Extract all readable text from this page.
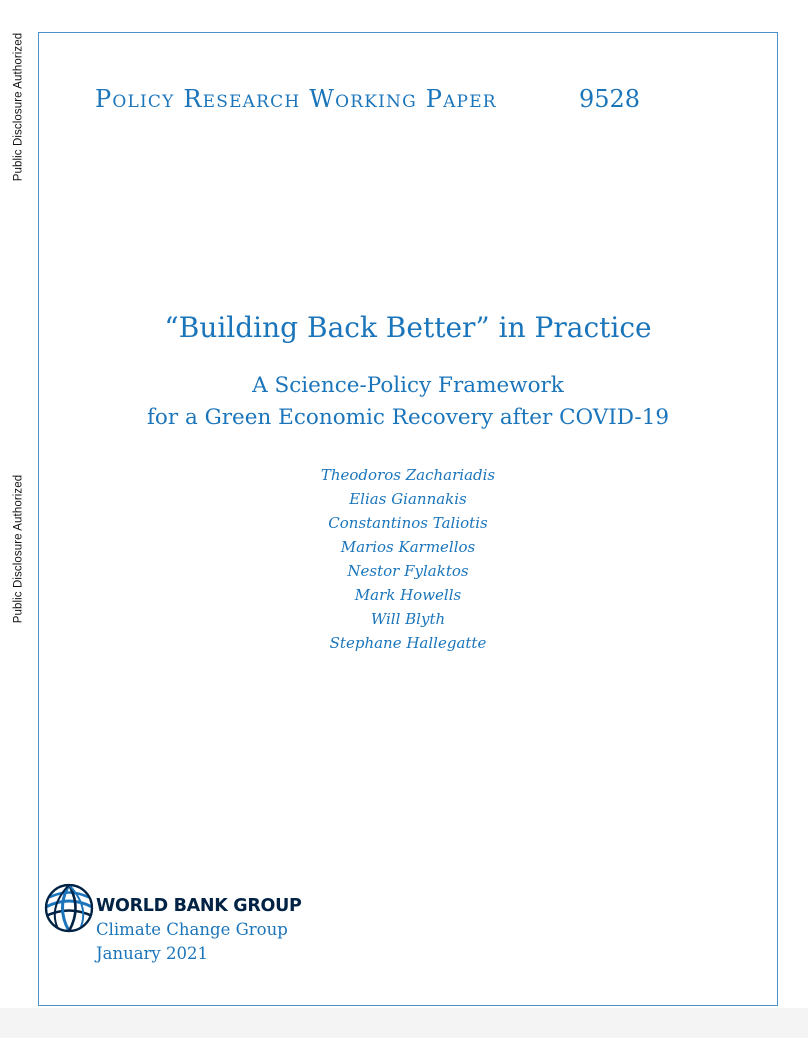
Public Disclosure Authorized
Public Disclosure Authorized
Policy Research Working Paper	9528
“Building Back Better” in Practice
A Science-Policy Framework
for a Green Economic Recovery after COVID-19
Theodoros Zachariadis
Elias Giannakis
Constantinos Taliotis
Marios Karmellos
Nestor Fylaktos
Mark Howells
Will Blyth
Stephane Hallegatte
WORLD BANK GROUP
Climate Change Group
January 2021
